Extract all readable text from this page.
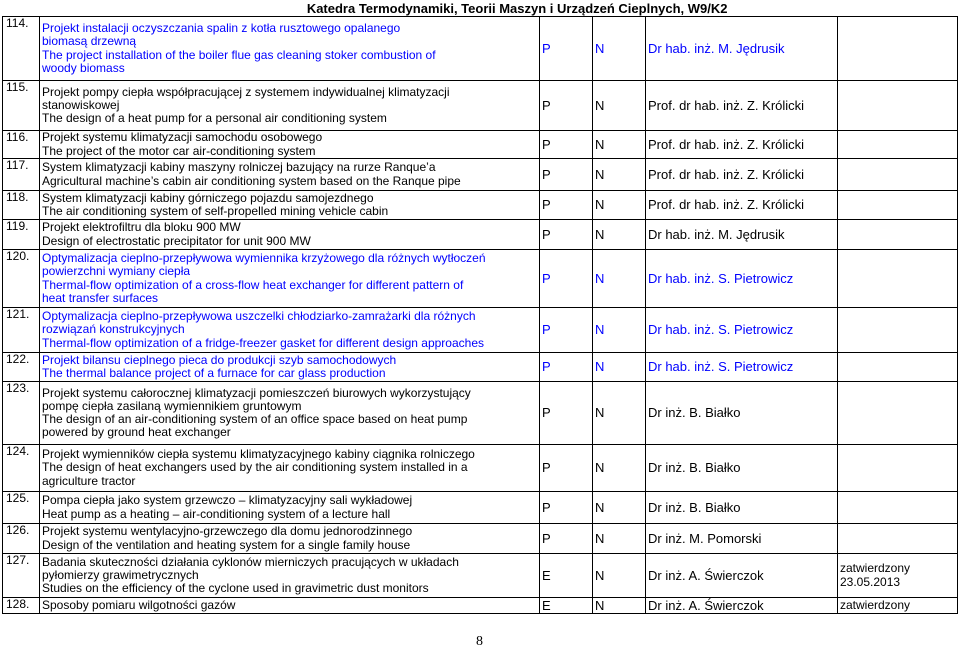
Katedra Termodynamiki, Teorii Maszyn i Urządzeń Cieplnych, W9/K2					
114.	Projekt instalacji oczyszczania spalin z kotła rusztowego opalanego
biomasą drzewną
The project installation of the boiler flue gas cleaning stoker combustion of
woody biomass	P	N	Dr hab. inż. M. Jędrusik	
115.	Projekt pompy ciepła współpracującej z systemem indywidualnej klimatyzacji
stanowiskowej
The design of a heat pump for a personal air conditioning system	P	N	Prof. dr hab. inż. Z. Królicki	
116.	Projekt systemu klimatyzacji samochodu osobowego
The project of the motor car air-conditioning system	P	N	Prof. dr hab. inż. Z. Królicki	
117.	System klimatyzacji kabiny maszyny rolniczej bazujący na rurze Ranque’a
Agricultural machine’s cabin air conditioning system based on the Ranque pipe	P	N	Prof. dr hab. inż. Z. Królicki	
118.	System klimatyzacji kabiny górniczego pojazdu samojezdnego
The air conditioning system of self-propelled mining vehicle cabin	P	N	Prof. dr hab. inż. Z. Królicki	
119.	Projekt elektrofiltru dla bloku 900 MW
Design of electrostatic precipitator for unit 900 MW	P	N	Dr hab. inż. M. Jędrusik	
120.	Optymalizacja cieplno-przepływowa wymiennika krzyżowego dla różnych wytłoczeń
powierzchni wymiany ciepła
Thermal-flow optimization of a cross-flow heat exchanger for different pattern of
heat transfer surfaces	P	N	Dr hab. inż. S. Pietrowicz	
121.	Optymalizacja cieplno-przepływowa uszczelki chłodziarko-zamrażarki dla różnych
rozwiązań konstrukcyjnych
Thermal-flow optimization of a fridge-freezer gasket for different design approaches	P	N	Dr hab. inż. S. Pietrowicz	
122.	Projekt bilansu cieplnego pieca do produkcji szyb samochodowych
The thermal balance project of a furnace for car glass production	P	N	Dr hab. inż. S. Pietrowicz	
123.	Projekt systemu całorocznej klimatyzacji pomieszczeń biurowych wykorzystujący
pompę ciepła zasilaną wymiennikiem gruntowym
The design of an air-conditioning system of an office space based on heat pump
powered by ground heat exchanger	P	N	Dr inż. B. Białko	
124.	Projekt wymienników ciepła systemu klimatyzacyjnego kabiny ciągnika rolniczego
The design of heat exchangers used by the air conditioning system installed in a
agriculture tractor	P	N	Dr inż. B. Białko	
125.	Pompa ciepła jako system grzewczo – klimatyzacyjny sali wykładowej
Heat pump as a heating – air-conditioning system of a lecture hall	P	N	Dr inż. B. Białko	
126.	Projekt systemu wentylacyjno-grzewczego dla domu jednorodzinnego
Design of the ventilation and heating system for a single family house	P	N	Dr inż. M. Pomorski	
127.	Badania skuteczności działania cyklonów mierniczych pracujących w układach
pyłomierzy grawimetrycznych
Studies on the efficiency of the cyclone used in gravimetric dust monitors	E	N	Dr inż. A. Świerczok	zatwierdzony 23.05.2013
128.	Sposoby pomiaru wilgotności gazów	E	N	Dr inż. A. Świerczok	zatwierdzony
8
